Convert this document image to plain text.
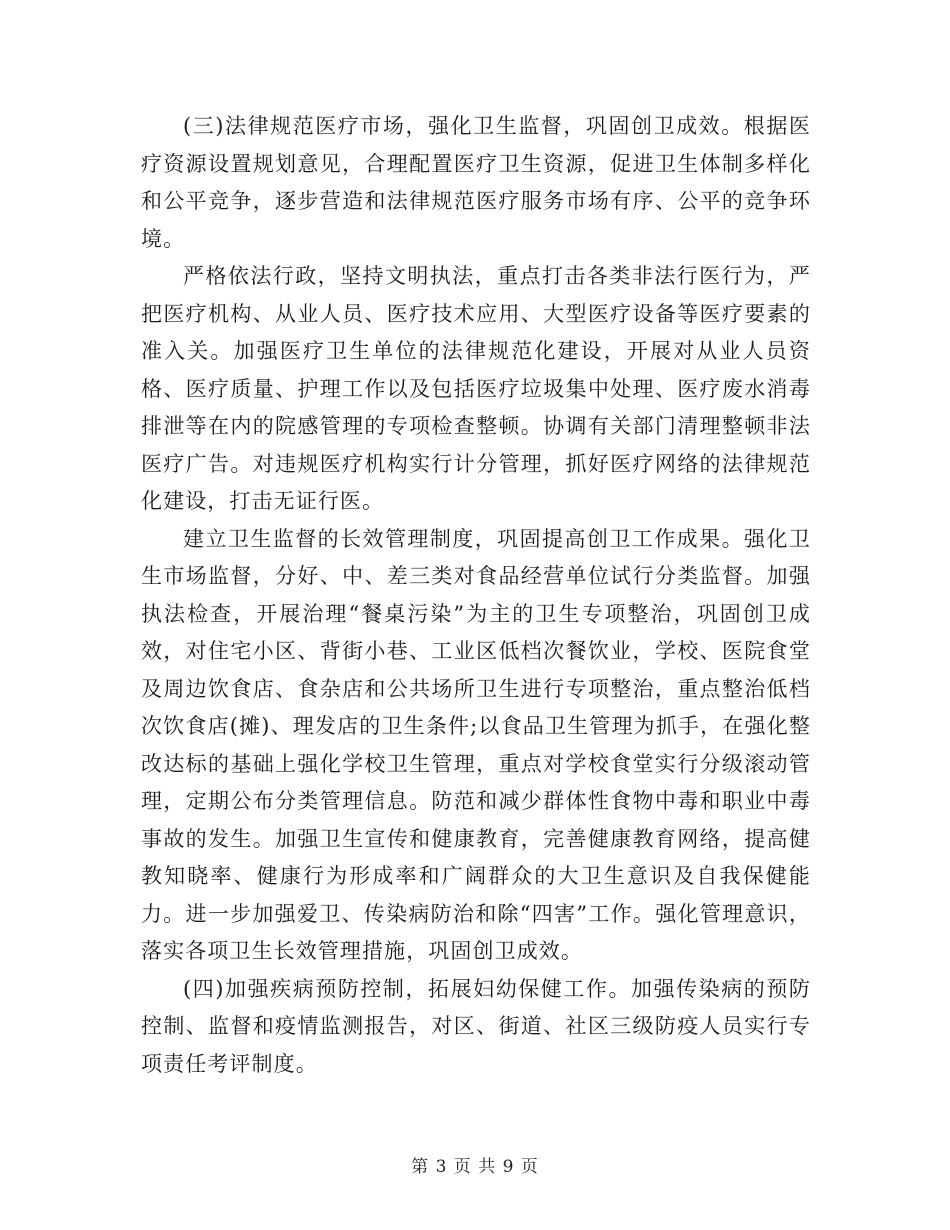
(三)法律规范医疗市场，强化卫生监督，巩固创卫成效。根据医疗资源设置规划意见，合理配置医疗卫生资源，促进卫生体制多样化和公平竞争，逐步营造和法律规范医疗服务市场有序、公平的竞争环境。

严格依法行政，坚持文明执法，重点打击各类非法行医行为，严把医疗机构、从业人员、医疗技术应用、大型医疗设备等医疗要素的准入关。加强医疗卫生单位的法律规范化建设，开展对从业人员资格、医疗质量、护理工作以及包括医疗垃圾集中处理、医疗废水消毒排泄等在内的院感管理的专项检查整顿。协调有关部门清理整顿非法医疗广告。对违规医疗机构实行计分管理，抓好医疗网络的法律规范化建设，打击无证行医。

建立卫生监督的长效管理制度，巩固提高创卫工作成果。强化卫生市场监督，分好、中、差三类对食品经营单位试行分类监督。加强执法检查，开展治理“餐桌污染”为主的卫生专项整治，巩固创卫成效，对住宅小区、背街小巷、工业区低档次餐饮业，学校、医院食堂及周边饮食店、食杂店和公共场所卫生进行专项整治，重点整治低档次饮食店(摊)、理发店的卫生条件;以食品卫生管理为抓手，在强化整改达标的基础上强化学校卫生管理，重点对学校食堂实行分级滚动管理，定期公布分类管理信息。防范和减少群体性食物中毒和职业中毒事故的发生。加强卫生宣传和健康教育，完善健康教育网络，提高健教知晓率、健康行为形成率和广阔群众的大卫生意识及自我保健能力。进一步加强爱卫、传染病防治和除“四害”工作。强化管理意识，落实各项卫生长效管理措施，巩固创卫成效。

(四)加强疾病预防控制，拓展妇幼保健工作。加强传染病的预防控制、监督和疫情监测报告，对区、街道、社区三级防疫人员实行专项责任考评制度。

第 3 页 共 9 页
